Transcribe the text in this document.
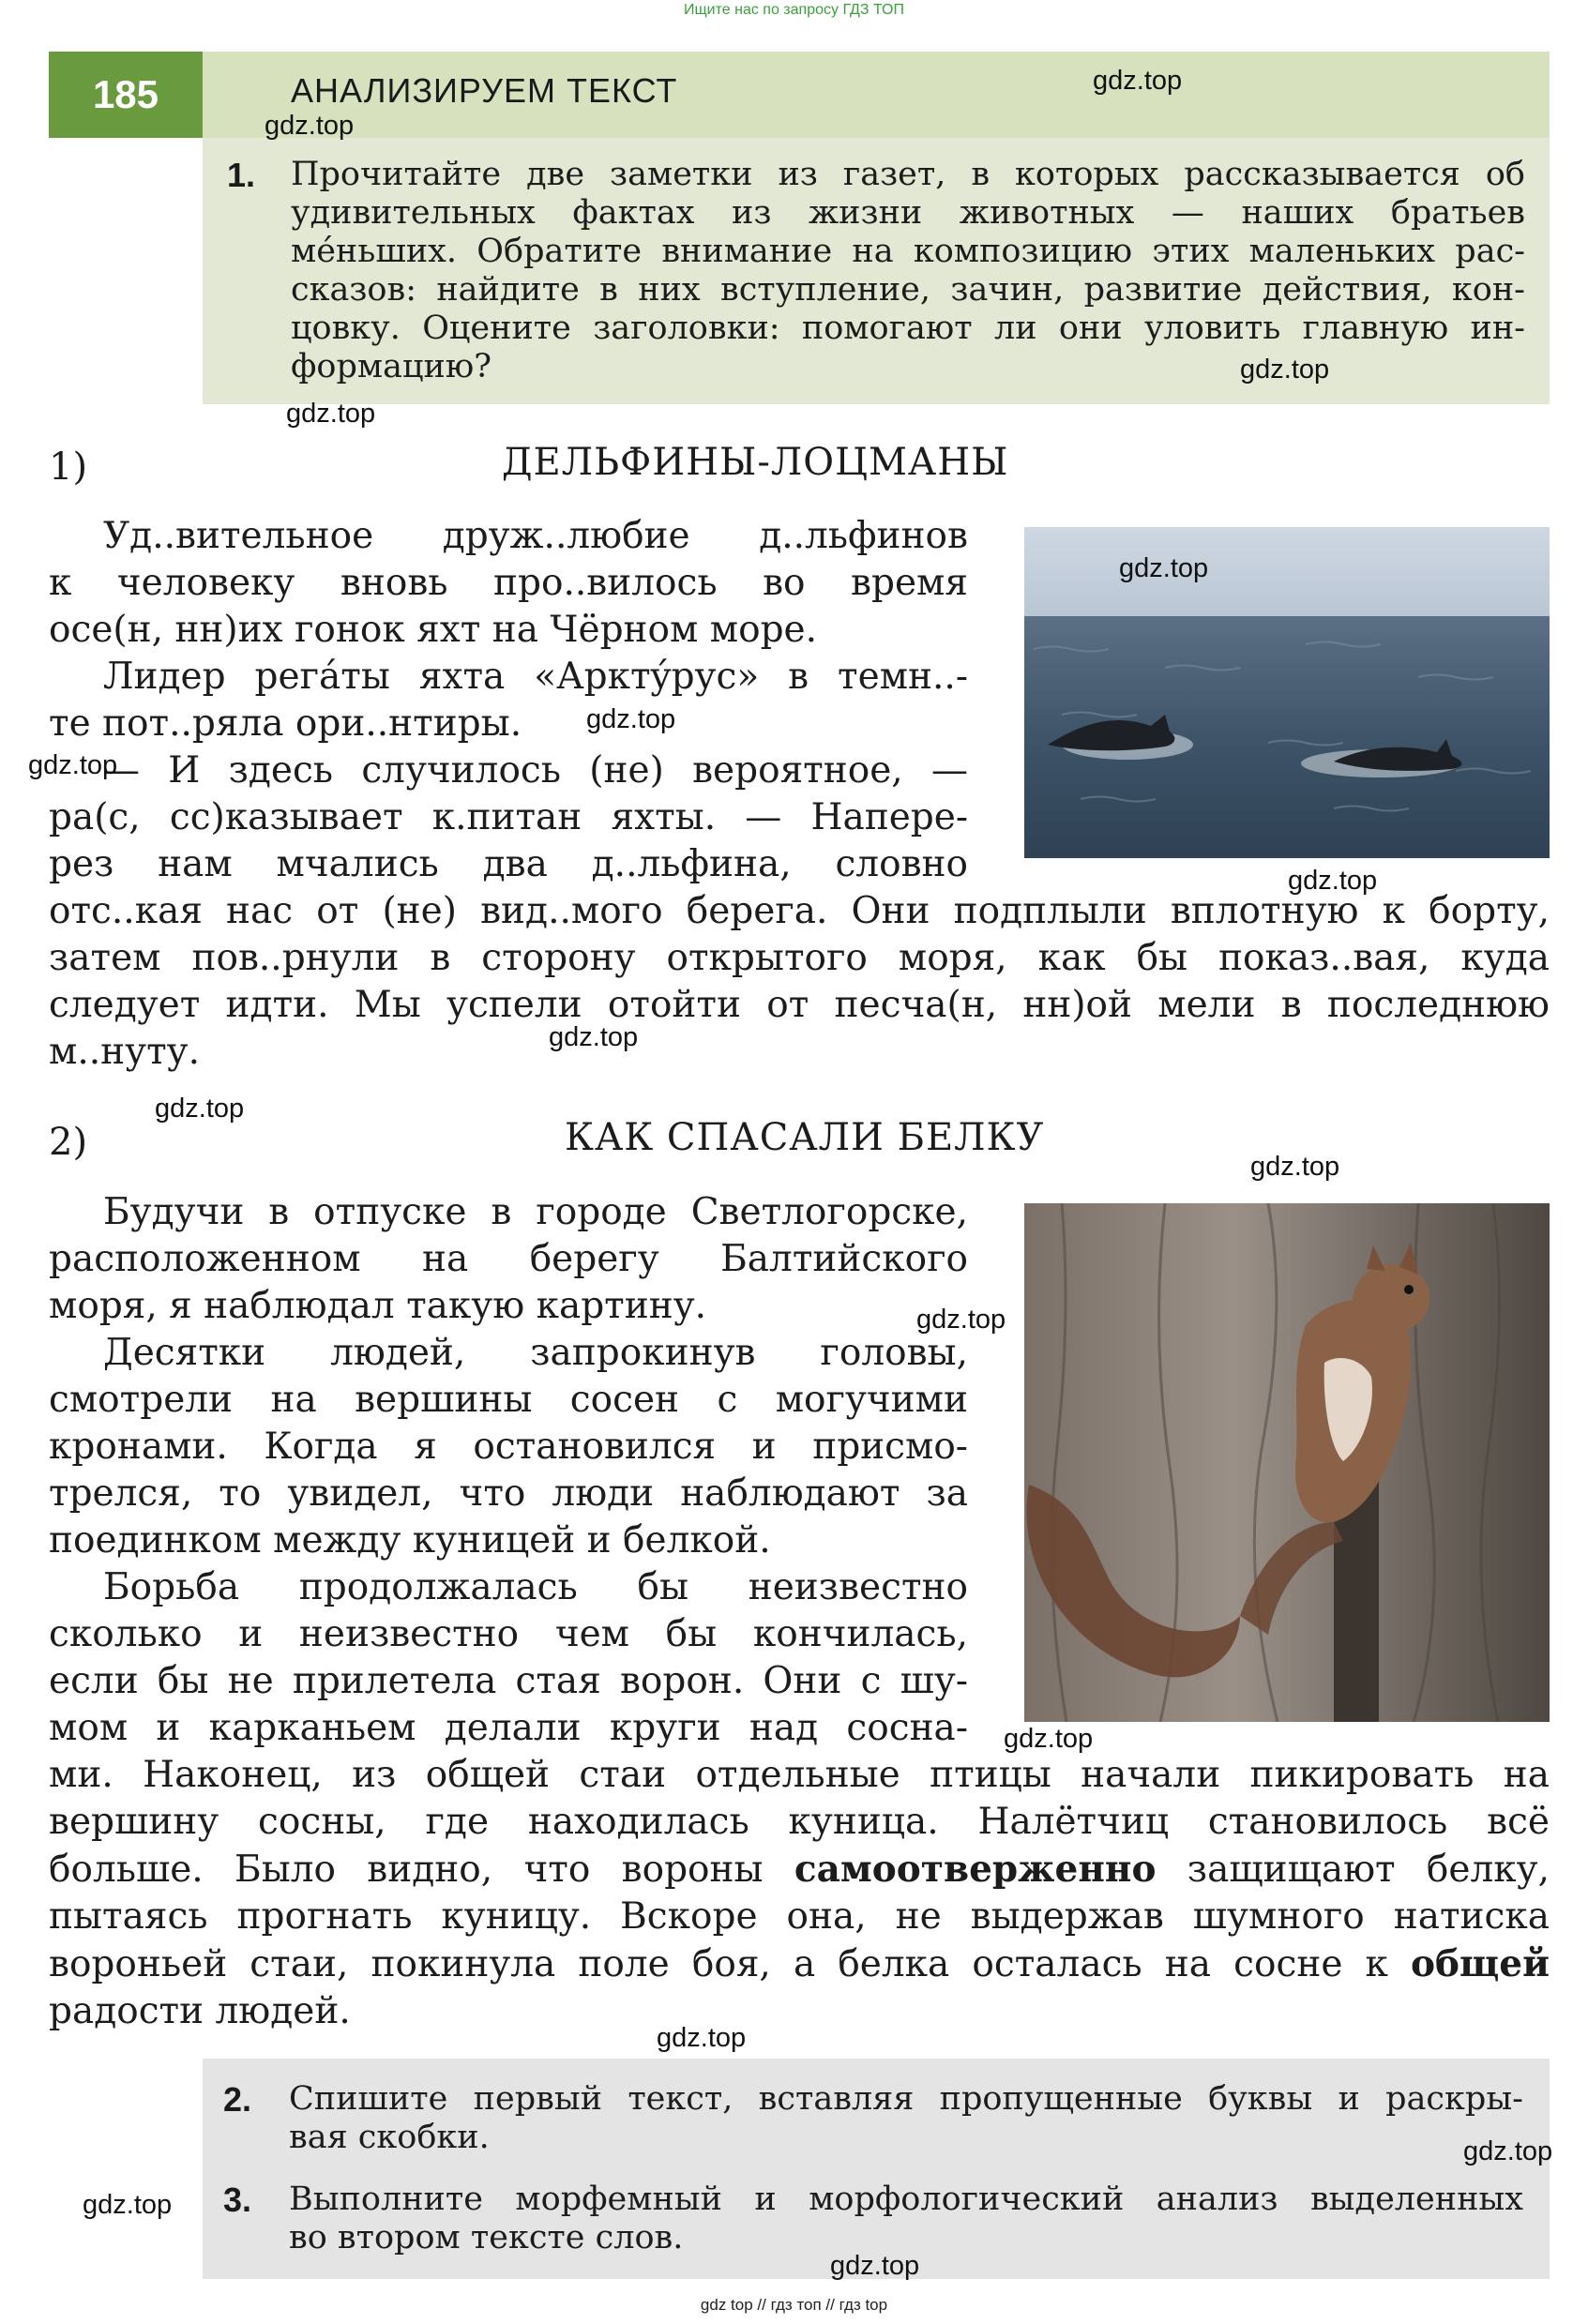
Ищите нас по запросу ГДЗ ТОП
185	АНАЛИЗИРУЕМ ТЕКСТ
1. Прочитайте две заметки из газет, в которых рассказывается об
удивительных фактах из жизни животных — наших братьев
ме́ньших. Обратите внимание на композицию этих маленьких рас-
сказов: найдите в них вступление, зачин, развитие действия, кон-
цовку. Оцените заголовки: помогают ли они уловить главную ин-
формацию?
1)	ДЕЛЬФИНЫ-ЛОЦМАНЫ
Уд..вительное друж..любие д..льфинов
к человеку вновь про..вилось во время
осе(н, нн)их гонок яхт на Чёрном море.
Лидер рега́ты яхта «Арктýрус» в темн..-
те пот..ряла ори..нтиры.
— И здесь случилось (не) вероятное, —
ра(с, сс)казывает к.питан яхты. — Напере-
рез нам мчались два д..льфина, словно
отс..кая нас от (не) вид..мого берега. Они подплыли вплотную к борту,
затем пов..рнули в сторону открытого моря, как бы показ..вая, куда
следует идти. Мы успели отойти от песча(н, нн)ой мели в последнюю
м..нуту.
2)	КАК СПАСАЛИ БЕЛКУ
Будучи в отпуске в городе Светлогорске,
расположенном на берегу Балтийского
моря, я наблюдал такую картину.
Десятки людей, запрокинув головы,
смотрели на вершины сосен с могучими
кронами. Когда я остановился и присмо-
трелся, то увидел, что люди наблюдают за
поединком между куницей и белкой.
Борьба продолжалась бы неизвестно
сколько и неизвестно чем бы кончилась,
если бы не прилетела стая ворон. Они с шу-
мом и карканьем делали круги над сосна-
ми. Наконец, из общей стаи отдельные птицы начали пикировать на
вершину сосны, где находилась куница. Налётчиц становилось всё
больше. Было видно, что вороны самоотверженно защищают белку,
пытаясь прогнать куницу. Вскоре она, не выдержав шумного натиска
вороньей стаи, покинула поле боя, а белка осталась на сосне к общей
радости людей.
2. Спишите первый текст, вставляя пропущенные буквы и раскры-
вая скобки.
3. Выполните морфемный и морфологический анализ выделенных
во втором тексте слов.
gdz.top
gdz.top
gdz.top
gdz.top
gdz.top
gdz.top
gdz.top
gdz.top
gdz.top
gdz.top
gdz.top
gdz.top
gdz.top
gdz.top
gdz.top
gdz.top
gdz.top
gdz top // гдз топ // гдз top
